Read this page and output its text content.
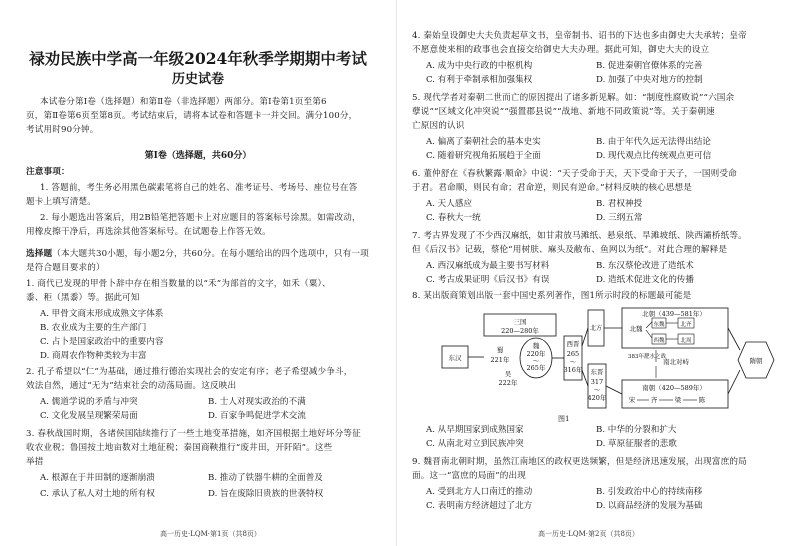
禄劝民族中学高一年级2024年秋季学期期中考试
历史试卷
本试卷分第Ⅰ卷（选择题）和第Ⅱ卷（非选择题）两部分。第Ⅰ卷第1页至第6
页，第Ⅱ卷第6页至第8页。考试结束后，请将本试卷和答题卡一并交回。满分100分，
考试用时90分钟。
第Ⅰ卷（选择题，共60分）
注意事项：
1. 答题前，考生务必用黑色碳素笔将自己的姓名、准考证号、考场号、座位号在答
题卡上填写清楚。
2. 每小题选出答案后，用2B铅笔把答题卡上对应题目的答案标号涂黑。如需改动，
用橡皮擦干净后，再选涂其他答案标号。在试题卷上作答无效。
选择题（本大题共30小题，每小题2分，共60分。在每小题给出的四个选项中，只有一项
是符合题目要求的）
1. 商代已发现的甲骨卜辞中存在相当数量的以“禾”为部首的文字，如禾（粟）、
黍、秬（黑黍）等。据此可知
A. 甲骨文商末形成成熟文字体系
B. 农业成为主要的生产部门
C. 占卜是国家政治中的重要内容
D. 商周农作物种类较为丰富
2. 孔子希望以“仁”为基础，通过推行德治实现社会的安定有序；老子希望减少争斗，
效法自然，通过“无为”结束社会的动荡局面。这反映出
A. 儒道学说的矛盾与冲突	B. 士人对现实政治的不满
C. 文化发展呈现繁荣局面	D. 百家争鸣促进学术交流
3. 春秋战国时期，各诸侯国陆续推行了一些土地变革措施，如齐国根据土地好坏分等征
收农业税；鲁国按土地亩数对土地征税；秦国商鞅推行“废井田，开阡陌”。这些
举措
A. 根源在于井田制的逐渐崩溃	B. 推动了铁器牛耕的全面普及
C. 承认了私人对土地的所有权	D. 旨在废除旧贵族的世袭特权
高一历史·LQM·第1页（共8页）
4. 秦始皇设御史大夫负责起草文书，皇帝制书、诏书的下达也多由御史大夫承转；皇帝
不愿意使来相的政事也会直接交给御史大夫办理。据此可知，御史大夫的设立
A. 成为中央行政的中枢机构	B. 促进秦朝官僚体系的完善
C. 有利于牵制承相加强集权	D. 加强了中央对地方的控制
5. 现代学者对秦朝二世而亡的原因提出了诸多新见解。如：“制度性腐败说”“六国余
孽说”“区域文化冲突说”“强置郡县说”“战地、新地不同政策说”等。关于秦朝速
亡原因的认识
A. 偏离了秦朝社会的基本史实	B. 由于年代久远无法得出结论
C. 随着研究视角拓展趋于全面	D. 现代观点比传统观点更可信
6. 董仲舒在《春秋繁露·顺命》中说：“天子受命于天，天下受命于天子，一国则受命
于君。君命顺，则民有命；君命逆，则民有逆命。”材料反映的核心思想是
A. 天人感应	B. 君权神授
C. 春秋大一统	D. 三纲五常
7. 考古界发现了不少西汉麻纸，如甘肃放马滩纸、悬泉纸、旱滩坡纸、陕西灞桥纸等。
但《后汉书》记载，蔡伦“用树肤、麻头及敝布、鱼网以为纸”。对此合理的解释是
A. 西汉麻纸成为最主要书写材料	B. 东汉蔡伦改进了造纸术
C. 考古成果证明《后汉书》有误	D. 造纸术促进文化的传播
8. 某出版商策划出版一套中国史系列著作，图1所示时段的标题最可能是
东汉
三国
220—280年
蜀
221年
魏
220年
～
265年
吴
222年
西晋
265
～
316年
北方
东晋
317
～
420年
383年淝水之战
北朝（439—581年）
北魏 东魏
西魏
北齐
北周
南北对峙
南朝（420—589年）
宋 齐	梁	陈
隋朝
图1
A. 从早期国家到成熟国家	B. 中华的分裂和扩大
C. 从南北对立到民族冲突	D. 草原征服者的悲歌
9. 魏晋南北朝时期，虽然江南地区的政权更迭频繁，但是经济迅速发展，出现富庶的局
面。这一“富庶的局面”的出现
A. 受到北方人口南迁的推动	B. 引发政治中心的持续南移
C. 表明南方经济超过了北方	D. 以商品经济的发展为基础
高一历史·LQM·第2页（共8页）
